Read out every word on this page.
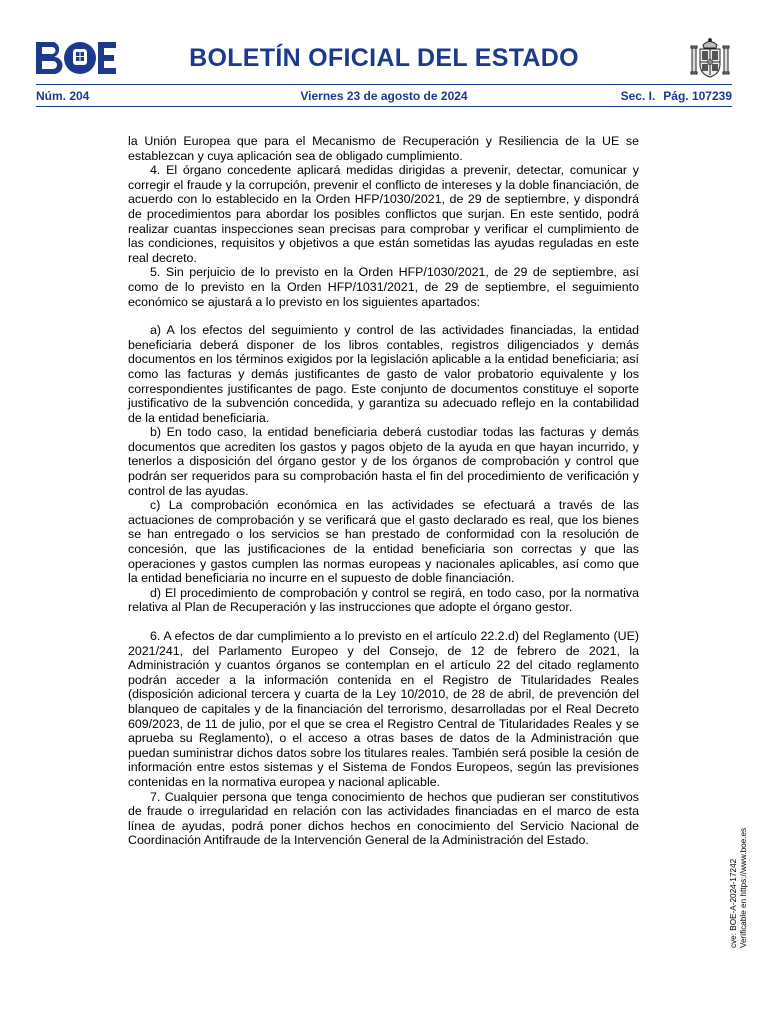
BOLETÍN OFICIAL DEL ESTADO
Núm. 204	Viernes 23 de agosto de 2024	Sec. I. Pág. 107239

la Unión Europea que para el Mecanismo de Recuperación y Resiliencia de la UE se establezcan y cuya aplicación sea de obligado cumplimiento.

4. El órgano concedente aplicará medidas dirigidas a prevenir, detectar, comunicar y corregir el fraude y la corrupción, prevenir el conflicto de intereses y la doble financiación, de acuerdo con lo establecido en la Orden HFP/1030/2021, de 29 de septiembre, y dispondrá de procedimientos para abordar los posibles conflictos que surjan. En este sentido, podrá realizar cuantas inspecciones sean precisas para comprobar y verificar el cumplimiento de las condiciones, requisitos y objetivos a que están sometidas las ayudas reguladas en este real decreto.

5. Sin perjuicio de lo previsto en la Orden HFP/1030/2021, de 29 de septiembre, así como de lo previsto en la Orden HFP/1031/2021, de 29 de septiembre, el seguimiento económico se ajustará a lo previsto en los siguientes apartados:

a) A los efectos del seguimiento y control de las actividades financiadas, la entidad beneficiaria deberá disponer de los libros contables, registros diligenciados y demás documentos en los términos exigidos por la legislación aplicable a la entidad beneficiaria; así como las facturas y demás justificantes de gasto de valor probatorio equivalente y los correspondientes justificantes de pago. Este conjunto de documentos constituye el soporte justificativo de la subvención concedida, y garantiza su adecuado reflejo en la contabilidad de la entidad beneficiaria.

b) En todo caso, la entidad beneficiaria deberá custodiar todas las facturas y demás documentos que acrediten los gastos y pagos objeto de la ayuda en que hayan incurrido, y tenerlos a disposición del órgano gestor y de los órganos de comprobación y control que podrán ser requeridos para su comprobación hasta el fin del procedimiento de verificación y control de las ayudas.

c) La comprobación económica en las actividades se efectuará a través de las actuaciones de comprobación y se verificará que el gasto declarado es real, que los bienes se han entregado o los servicios se han prestado de conformidad con la resolución de concesión, que las justificaciones de la entidad beneficiaria son correctas y que las operaciones y gastos cumplen las normas europeas y nacionales aplicables, así como que la entidad beneficiaria no incurre en el supuesto de doble financiación.

d) El procedimiento de comprobación y control se regirá, en todo caso, por la normativa relativa al Plan de Recuperación y las instrucciones que adopte el órgano gestor.

6. A efectos de dar cumplimiento a lo previsto en el artículo 22.2.d) del Reglamento (UE) 2021/241, del Parlamento Europeo y del Consejo, de 12 de febrero de 2021, la Administración y cuantos órganos se contemplan en el artículo 22 del citado reglamento podrán acceder a la información contenida en el Registro de Titularidades Reales (disposición adicional tercera y cuarta de la Ley 10/2010, de 28 de abril, de prevención del blanqueo de capitales y de la financiación del terrorismo, desarrolladas por el Real Decreto 609/2023, de 11 de julio, por el que se crea el Registro Central de Titularidades Reales y se aprueba su Reglamento), o el acceso a otras bases de datos de la Administración que puedan suministrar dichos datos sobre los titulares reales. También será posible la cesión de información entre estos sistemas y el Sistema de Fondos Europeos, según las previsiones contenidas en la normativa europea y nacional aplicable.

7. Cualquier persona que tenga conocimiento de hechos que pudieran ser constitutivos de fraude o irregularidad en relación con las actividades financiadas en el marco de esta línea de ayudas, podrá poner dichos hechos en conocimiento del Servicio Nacional de Coordinación Antifraude de la Intervención General de la Administración del Estado.

cve: BOE-A-2024-17242 Verificable en https://www.boe.es
